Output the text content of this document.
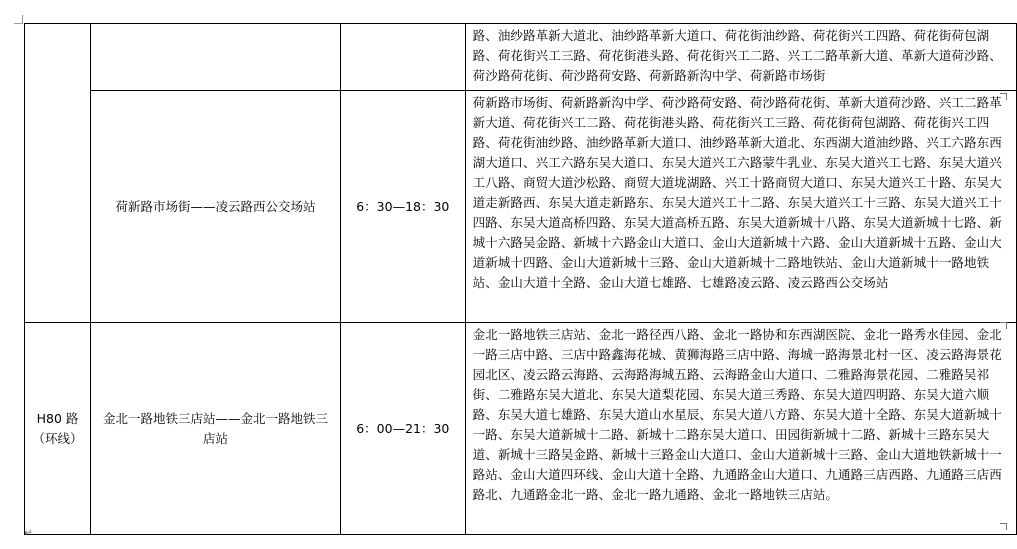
			路、油纱路革新大道北、油纱路革新大道口、荷花街油纱路、荷花街兴工四路、荷花街荷包湖路、荷花街兴工三路、荷花街港头路、荷花街兴工二路、兴工二路革新大道、革新大道荷沙路、荷沙路荷花街、荷沙路荷安路、荷新路新沟中学、荷新路市场街
	荷新路市场街——凌云路西公交场站	6：30—18：30	荷新路市场街、荷新路新沟中学、荷沙路荷安路、荷沙路荷花街、革新大道荷沙路、兴工二路革新大道、荷花街兴工二路、荷花街港头路、荷花街兴工三路、荷花街荷包湖路、荷花街兴工四路、荷花街油纱路、油纱路革新大道口、油纱路革新大道北、东西湖大道油纱路、兴工六路东西湖大道口、兴工六路东吴大道口、东吴大道兴工六路蒙牛乳业、东吴大道兴工七路、东吴大道兴工八路、商贸大道沙松路、商贸大道垅湖路、兴工十路商贸大道口、东吴大道兴工十路、东吴大道走新路西、东吴大道走新路东、东吴大道兴工十二路、东吴大道兴工十三路、东吴大道兴工十四路、东吴大道高桥四路、东吴大道高桥五路、东吴大道新城十八路、东吴大道新城十七路、新城十六路吴金路、新城十六路金山大道口、金山大道新城十六路、金山大道新城十五路、金山大道新城十四路、金山大道新城十三路、金山大道新城十二路地铁站、金山大道新城十一路地铁站、金山大道十全路、金山大道七雄路、七雄路凌云路、凌云路西公交场站
H80 路（环线）	金北一路地铁三店站——金北一路地铁三店站	6：00—21：30	金北一路地铁三店站、金北一路径西八路、金北一路协和东西湖医院、金北一路秀水佳园、金北一路三店中路、三店中路鑫海花城、黄狮海路三店中路、海城一路海景北村一区、凌云路海景花园北区、凌云路云海路、云海路海城五路、云海路金山大道口、二雅路海景花园、二雅路吴祁街、二雅路东吴大道北、东吴大道梨花园、东吴大道三秀路、东吴大道四明路、东吴大道六顺路、东吴大道七雄路、东吴大道山水星辰、东吴大道八方路、东吴大道十全路、东吴大道新城十一路、东吴大道新城十二路、新城十二路东吴大道口、田园街新城十二路、新城十三路东吴大道、新城十三路吴金路、新城十三路金山大道口、金山大道新城十三路、金山大道地铁新城十一路站、金山大道四环线、金山大道十全路、九通路金山大道口、九通路三店西路、九通路三店西路北、九通路金北一路、金北一路九通路、金北一路地铁三店站。
↵
